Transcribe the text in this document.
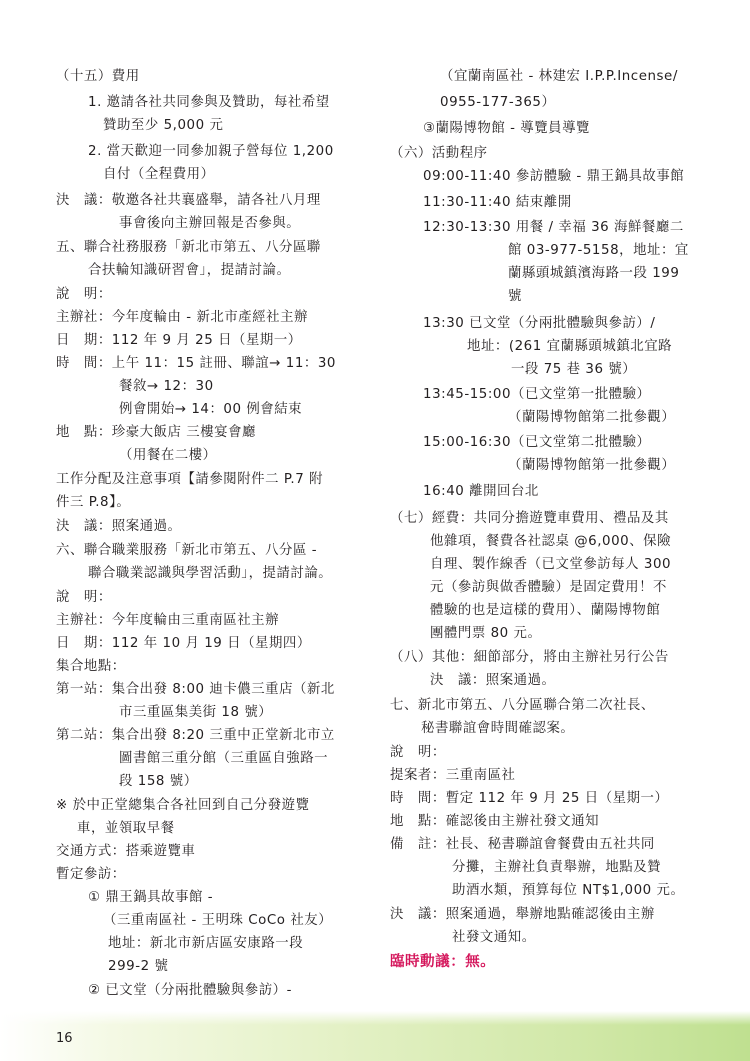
（十五）費用
1. 邀請各社共同參與及贊助，每社希望
贊助至少 5,000 元
2. 當天歡迎一同參加親子營每位 1,200
自付（全程費用）
決　議：敬邀各社共襄盛舉，請各社八月理
事會後向主辦回報是否參與。
五、聯合社務服務「新北市第五、八分區聯
合扶輪知識研習會」，提請討論。
說　明：
主辦社：今年度輪由 - 新北市產經社主辦
日　期：112 年 9 月 25 日（星期一）
時　間：上午 11：15 註冊、聯誼→ 11：30
餐敘→ 12：30
例會開始→ 14：00 例會結束
地　點：珍豪大飯店 三樓宴會廳
（用餐在二樓）
工作分配及注意事項【請參閱附件二 P.7 附
件三 P.8】。
決　議：照案通過。
六、聯合職業服務「新北市第五、八分區 -
聯合職業認識與學習活動」，提請討論。
說　明：
主辦社：今年度輪由三重南區社主辦
日　期：112 年 10 月 19 日（星期四）
集合地點：
第一站：集合出發 8:00 迪卡儂三重店（新北
市三重區集美街 18 號）
第二站：集合出發 8:20 三重中正堂新北市立
圖書館三重分館（三重區自強路一
段 158 號）
※ 於中正堂總集合各社回到自己分發遊覽
車，並領取早餐
交通方式：搭乘遊覽車
暫定參訪：
① 鼎王鍋具故事館 -
（三重南區社 - 王明珠 CoCo 社友）
地址：新北市新店區安康路一段
299-2 號
② 已文堂（分兩批體驗與參訪）-
（宜蘭南區社 - 林建宏 I.P.P.Incense/
0955-177-365）
③蘭陽博物館 - 導覽員導覽
（六）活動程序
09:00-11:40 參訪體驗 - 鼎王鍋具故事館
11:30-11:40 結束離開
12:30-13:30 用餐 / 幸福 36 海鮮餐廳二
館 03-977-5158，地址：宜
蘭縣頭城鎮濱海路一段 199
號
13:30 已文堂（分兩批體驗與參訪）/
地址：(261 宜蘭縣頭城鎮北宜路
一段 75 巷 36 號）
13:45-15:00（已文堂第一批體驗）
（蘭陽博物館第二批參觀）
15:00-16:30（已文堂第二批體驗）
（蘭陽博物館第一批參觀）
16:40 離開回台北
（七）經費：共同分擔遊覽車費用、禮品及其
他雜項，餐費各社認桌 @6,000、保險
自理、製作線香（已文堂參訪每人 300
元（參訪與做香體驗）是固定費用！不
體驗的也是這樣的費用）、蘭陽博物館
團體門票 80 元。
（八）其他：細節部分，將由主辦社另行公告
決　議：照案通過。
七、新北市第五、八分區聯合第二次社長、
秘書聯誼會時間確認案。
說　明：
提案者：三重南區社
時　間：暫定 112 年 9 月 25 日（星期一）
地　點：確認後由主辦社發文通知
備　註：社長、秘書聯誼會餐費由五社共同
分攤，主辦社負責舉辦，地點及贊
助酒水類，預算每位 NT$1,000 元。
決　議：照案通過，舉辦地點確認後由主辦
社發文通知。
臨時動議：無。
16
